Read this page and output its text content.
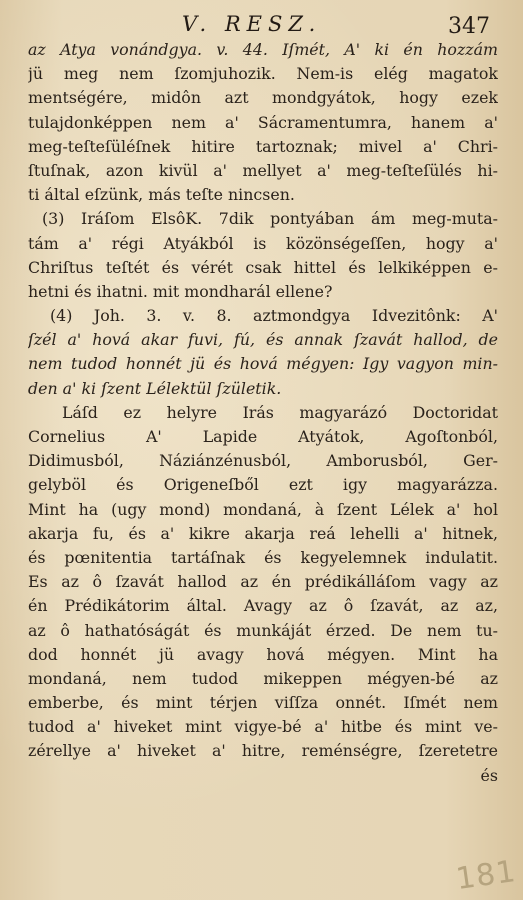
V. RESZ.	347
az Atya vonándgya. v. 44. Iſmét, A' ki én hozzám
jü meg nem ſzomjuhozik. Nem-is elég magatok
mentségére, midôn azt mondgyátok, hogy ezek
tulajdonképpen nem a' Sácramentumra, hanem a'
meg-teſteſüléſnek hitire tartoznak; mivel a' Chri-
ſtuſnak, azon kivül a' mellyet a' meg-teſteſülés hi-
ti által eſzünk, más teſte nincsen.
(3) Iráſom ElsôK. 7dik pontyában ám meg-muta-
tám a' régi Atyákból is közönségeſſen, hogy a'
Chriſtus teſtét és vérét csak hittel és lelkiképpen e-
hetni és ihatni. mit mondharál ellene?
(4) Joh. 3. v. 8. aztmondgya Idvezitônk: A'
ſzél a' hová akar fuvi, fú, és annak ſzavát hallod, de
nem tudod honnét jü és hová mégyen: Igy vagyon min-
den a' ki ſzent Lélektül ſzületik.
Láſd ez helyre Irás magyarázó Doctoridat
Cornelius A' Lapide Atyátok, Agoſtonból,
Didimusból, Náziánzénusból, Amborusból, Ger-
gelyböl és Origeneſből ezt igy magyarázza.
Mint ha (ugy mond) mondaná, à ſzent Lélek a' hol
akarja fu, és a' kikre akarja reá lehelli a' hitnek,
és pœnitentia tartáſnak és kegyelemnek indulatit.
Es az ô ſzavát hallod az én prédikálláſom vagy az
én Prédikátorim által. Avagy az ô ſzavát, az az,
az ô hathatóságát és munkáját érzed. De nem tu-
dod honnét jü avagy hová mégyen. Mint ha
mondaná, nem tudod mikeppen mégyen-bé az
emberbe, és mint térjen viſſza onnét. Iſmét nem
tudod a' hiveket mint vigye-bé a' hitbe és mint ve-
zérellye a' hiveket a' hitre, reménségre, ſzeretetre
és
181
